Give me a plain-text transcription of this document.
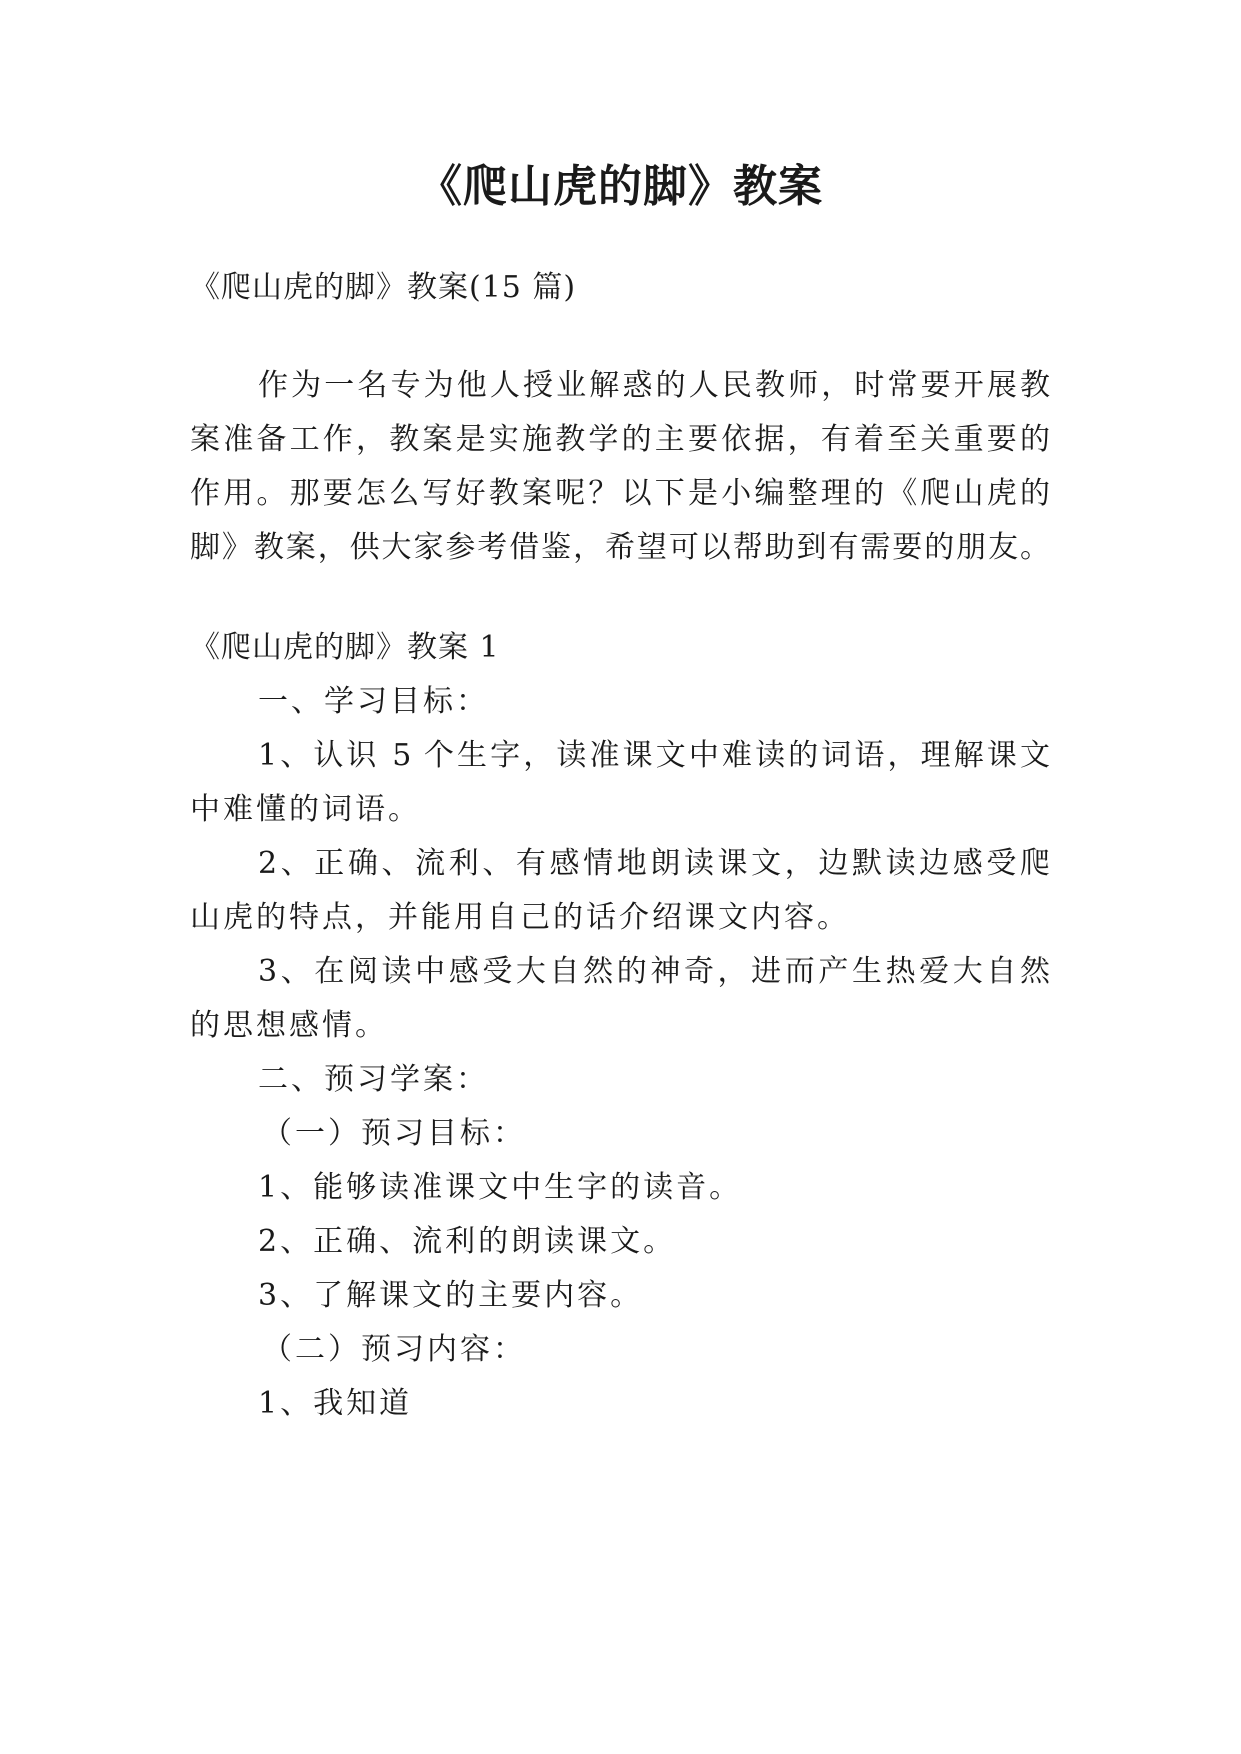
《爬山虎的脚》教案

《爬山虎的脚》教案(15 篇)

作为一名专为他人授业解惑的人民教师，时常要开展教

案准备工作，教案是实施教学的主要依据，有着至关重要的

作用。那要怎么写好教案呢？以下是小编整理的《爬山虎的

脚》教案，供大家参考借鉴，希望可以帮助到有需要的朋友。

《爬山虎的脚》教案 1

一、学习目标：

1、认识 5 个生字，读准课文中难读的词语，理解课文

中难懂的词语。

2、正确、流利、有感情地朗读课文，边默读边感受爬

山虎的特点，并能用自己的话介绍课文内容。

3、在阅读中感受大自然的神奇，进而产生热爱大自然

的思想感情。

二、预习学案：

（一）预习目标：

1、能够读准课文中生字的读音。

2、正确、流利的朗读课文。

3、了解课文的主要内容。

（二）预习内容：

1、我知道
